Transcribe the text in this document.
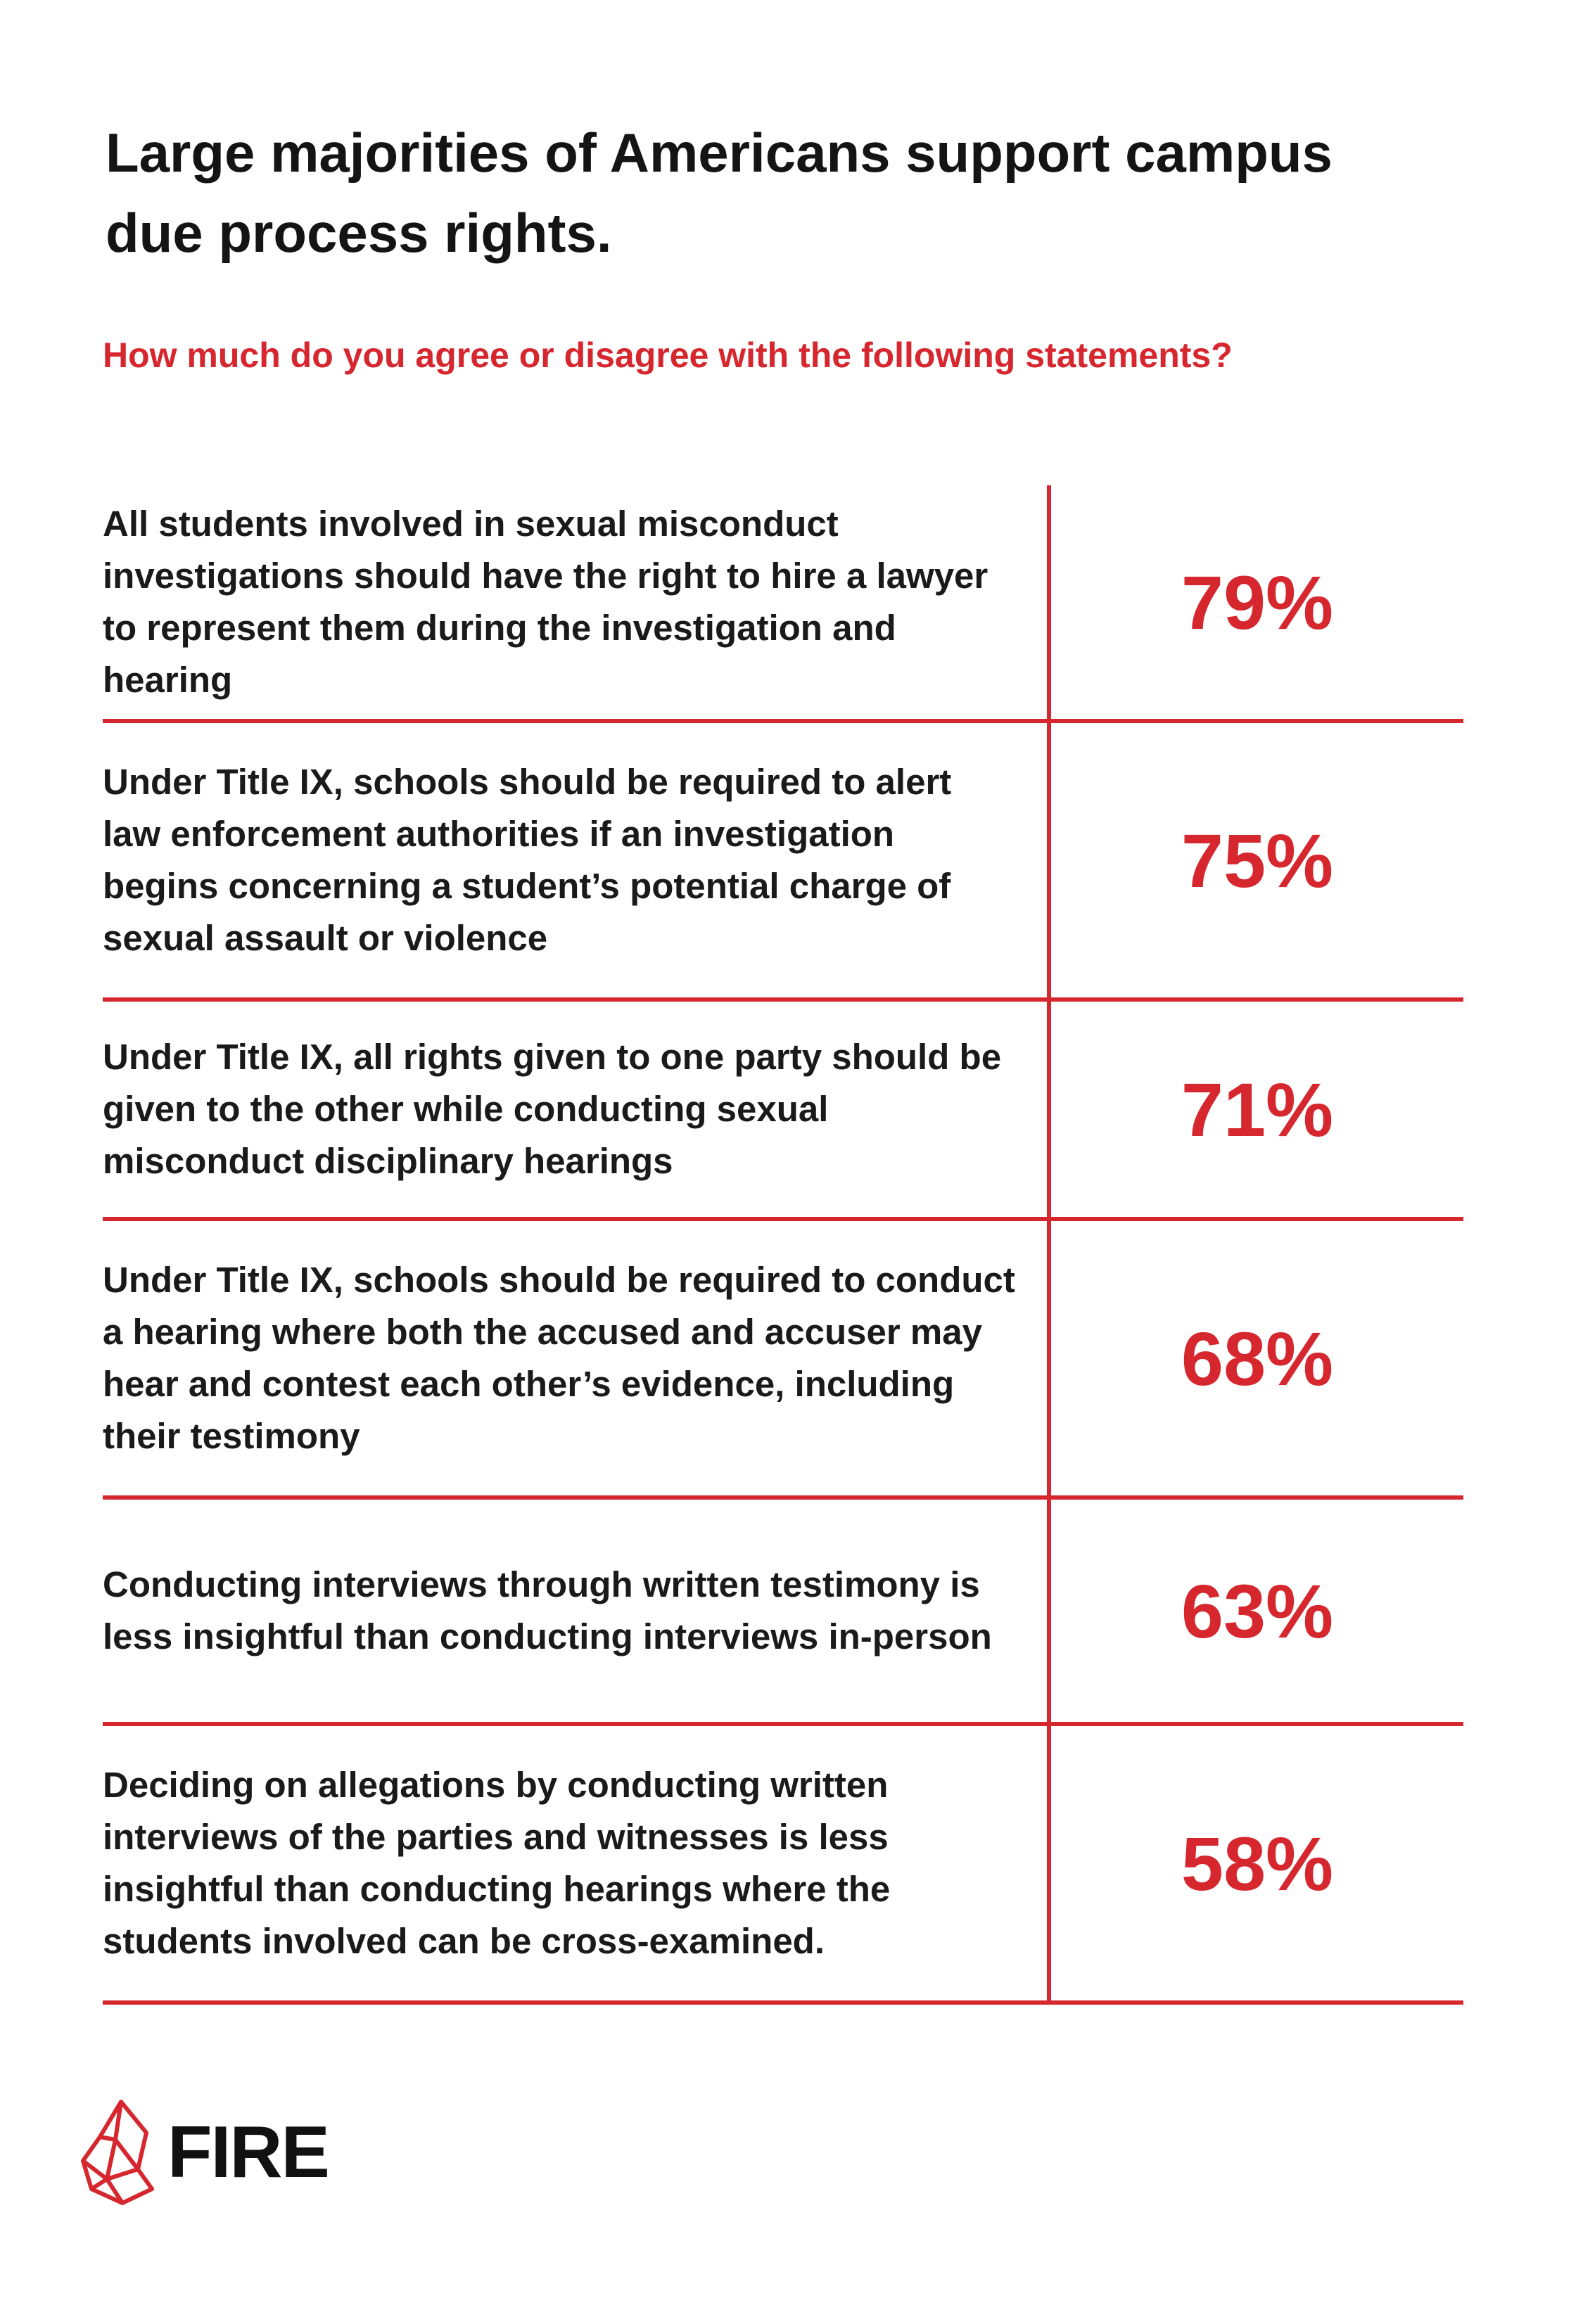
Large majorities of Americans support campus due process rights.

How much do you agree or disagree with the following statements?

All students involved in sexual misconduct investigations should have the right to hire a lawyer to represent them during the investigation and hearing
79%
Under Title IX, schools should be required to alert law enforcement authorities if an investigation begins concerning a student’s potential charge of sexual assault or violence
75%
Under Title IX, all rights given to one party should be given to the other while conducting sexual misconduct disciplinary hearings
71%
Under Title IX, schools should be required to conduct a hearing where both the accused and accuser may hear and contest each other’s evidence, including their testimony
68%
Conducting interviews through written testimony is less insightful than conducting interviews in-person	63%
Deciding on allegations by conducting written interviews of the parties and witnesses is less insightful than conducting hearings where the students involved can be cross-examined.
58%
FIRE
